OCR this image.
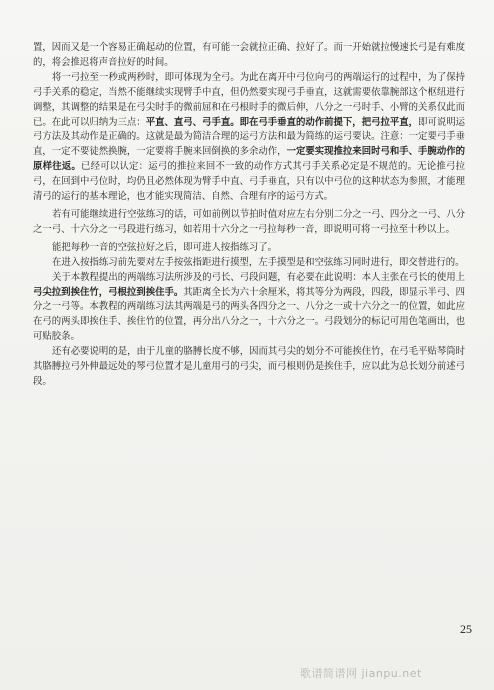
置，因而又是一个容易正确起动的位置，有可能一会就拉正确、拉好了。而一开始就拉慢速长弓是有难度的，将会推迟将声音拉好的时间。

将一弓拉至一秒或两秒时，即可体现为全弓。为此在离开中弓位向弓的两端运行的过程中，为了保持弓手关系的稳定，当然不能继续实现臂手中直，但仍然要实现弓手垂直，这就需要依靠腕部这个枢纽进行调整，其调整的结果是在弓尖时手的微前屈和在弓根时手的微后伸，八分之一弓时手、小臂的关系仅此而已。在此可以归纳为三点：平直、直弓、弓手直。即在弓手垂直的动作前提下，把弓拉平直，即可说明运弓方法及其动作是正确的。这就是最为简洁合理的运弓方法和最为简练的运弓要诀。注意：一定要弓手垂直，一定不要徒然换腕，一定要将手腕来回倒换的多余动作，一定要实现推拉来回时弓和手、手腕动作的原样往返。已经可以认定：运弓的推拉来回不一致的动作方式其弓手关系必定是不规范的。无论推弓拉弓，在回到中弓位时，均仍且必然体现为臂手中直、弓手垂直，只有以中弓位的这种状态为参照，才能理清弓的运行的基本理论，也才能实现简洁、自然、合理有序的运弓方式。

若有可能继续进行空弦练习的话，可如前例以节拍时值对应左右分别二分之一弓、四分之一弓、八分之一弓、十六分之一弓段进行练习，如若用十六分之一弓拉每秒一音，即说明可将一弓拉至十秒以上。

能把每秒一音的空弦拉好之后，即可进人按指练习了。

在进入按指练习前先要对左手按弦指距进行摸型，左手摸型是和空弦练习同时进行，即交替进行的。

关于本教程提出的两端练习法所涉及的弓长、弓段问题，有必要在此说明：本人主张在弓长的使用上弓尖拉到挨住竹，弓根拉到挨住手。其距离全长为六十余厘米，将其等分为两段，四段，即显示半弓、四分之一弓等。本教程的两端练习法其两端是弓的两头各四分之一、八分之一或十六分之一的位置，如此应在弓的两头即挨住手、挨住竹的位置，再分出八分之一，十六分之一。弓段划分的标记可用色笔画出，也可贴胶条。

还有必要说明的是，由于儿童的胳膊长度不够，因而其弓尖的划分不可能挨住竹，在弓毛平贴琴筒时其胳膊拉弓外伸最远处的琴弓位置才是儿童用弓的弓尖，而弓根则仍是挨住手，应以此为总长划分前述弓段。

25
歌谱简谱网 jianpu.net
